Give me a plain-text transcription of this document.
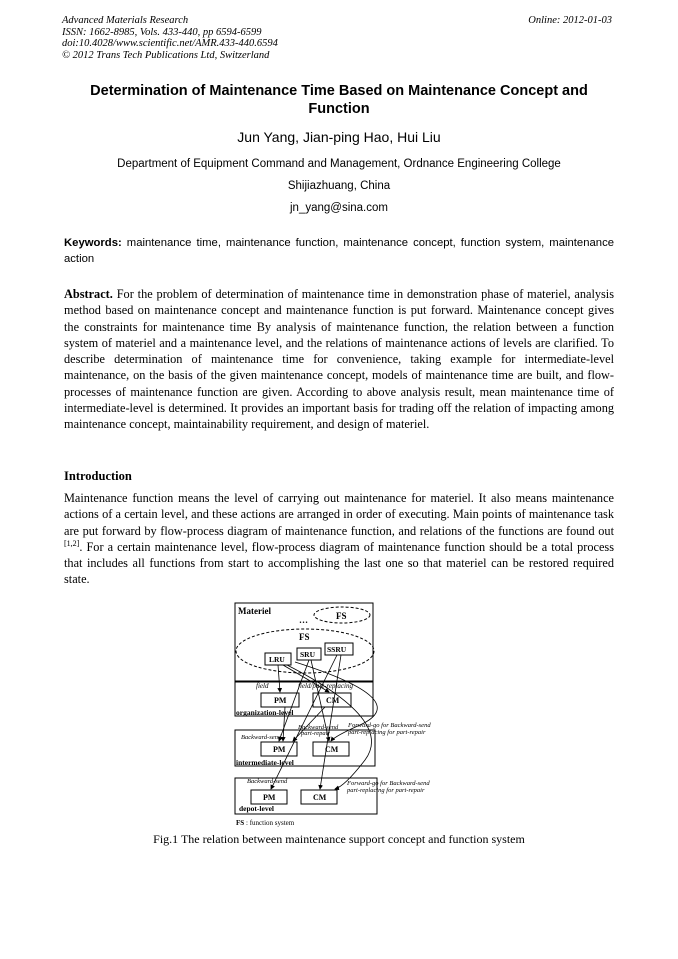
Advanced Materials Research
ISSN: 1662-8985, Vols. 433-440, pp 6594-6599
doi:10.4028/www.scientific.net/AMR.433-440.6594
© 2012 Trans Tech Publications Ltd, Switzerland
Online: 2012-01-03
Determination of Maintenance Time Based on Maintenance Concept and Function
Jun Yang, Jian-ping Hao, Hui Liu
Department of Equipment Command and Management, Ordnance Engineering College
Shijiazhuang, China
jn_yang@sina.com
Keywords: maintenance time, maintenance function, maintenance concept, function system, maintenance action
Abstract. For the problem of determination of maintenance time in demonstration phase of materiel, analysis method based on maintenance concept and maintenance function is put forward. Maintenance concept gives the constraints for maintenance time By analysis of maintenance function, the relation between a function system of materiel and a maintenance level, and the relations of maintenance actions of levels are clarified. To describe determination of maintenance time for convenience, taking example for intermediate-level maintenance, on the basis of the given maintenance concept, models of maintenance time are built, and flow-processes of maintenance function are given. According to above analysis result, mean maintenance time of intermediate-level is determined. It provides an important basis for trading off the relation of impacting among maintenance concept, maintainability requirement, and design of materiel.
Introduction
Maintenance function means the level of carrying out maintenance for materiel. It also means maintenance actions of a certain level, and these actions are arranged in order of executing. Main points of maintenance task are put forward by flow-process diagram of maintenance function, and relations of the functions are found out [1,2]. For a certain maintenance level, flow-process diagram of maintenance function should be a total process that includes all functions from start to accomplishing the last one so that materiel can be restored required state.
Materiel	FS
…
FS
LRU
SRU
SSRU
field	field/part-replacing
PM	CM
organization-level
Backward-send
part-repair
Forward-go for Backward-send
part-replacing for part-repair
Backward-send
PM	CM
intermediate-level
Backward-send	Forward-go for Backward-send
part-replacing for part-repair
PM	CM
depot-level
FS : function system
Fig.1 The relation between maintenance support concept and function system
